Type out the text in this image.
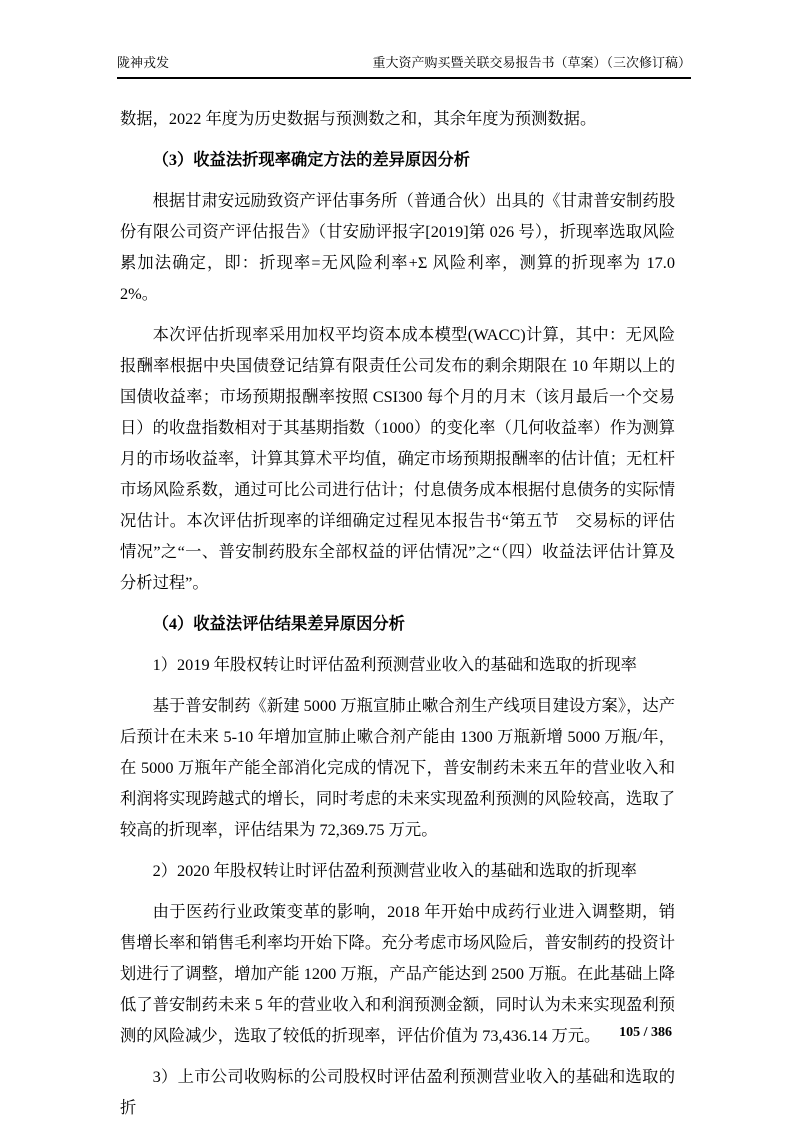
陇神戎发	重大资产购买暨关联交易报告书（草案）（三次修订稿）

数据，2022 年度为历史数据与预测数之和，其余年度为预测数据。

（3）收益法折现率确定方法的差异原因分析

根据甘肃安远励致资产评估事务所（普通合伙）出具的《甘肃普安制药股份有限公司资产评估报告》（甘安励评报字[2019]第 026 号），折现率选取风险累加法确定，即：折现率=无风险利率+Σ 风险利率，测算的折现率为 17.02%。

本次评估折现率采用加权平均资本成本模型(WACC)计算，其中：无风险报酬率根据中央国债登记结算有限责任公司发布的剩余期限在 10 年期以上的国债收益率；市场预期报酬率按照 CSI300 每个月的月末（该月最后一个交易日）的收盘指数相对于其基期指数（1000）的变化率（几何收益率）作为测算月的市场收益率，计算其算术平均值，确定市场预期报酬率的估计值；无杠杆市场风险系数，通过可比公司进行估计；付息债务成本根据付息债务的实际情况估计。本次评估折现率的详细确定过程见本报告书“第五节　交易标的评估情况”之“一、普安制药股东全部权益的评估情况”之“（四）收益法评估计算及分析过程”。

（4）收益法评估结果差异原因分析

1）2019 年股权转让时评估盈利预测营业收入的基础和选取的折现率

基于普安制药《新建 5000 万瓶宣肺止嗽合剂生产线项目建设方案》，达产后预计在未来 5-10 年增加宣肺止嗽合剂产能由 1300 万瓶新增 5000 万瓶/年，在 5000 万瓶年产能全部消化完成的情况下，普安制药未来五年的营业收入和利润将实现跨越式的增长，同时考虑的未来实现盈利预测的风险较高，选取了较高的折现率，评估结果为 72,369.75 万元。

2）2020 年股权转让时评估盈利预测营业收入的基础和选取的折现率

由于医药行业政策变革的影响，2018 年开始中成药行业进入调整期，销售增长率和销售毛利率均开始下降。充分考虑市场风险后，普安制药的投资计划进行了调整，增加产能 1200 万瓶，产品产能达到 2500 万瓶。在此基础上降低了普安制药未来 5 年的营业收入和利润预测金额，同时认为未来实现盈利预测的风险减少，选取了较低的折现率，评估价值为 73,436.14 万元。

3）上市公司收购标的公司股权时评估盈利预测营业收入的基础和选取的折

105 / 386
